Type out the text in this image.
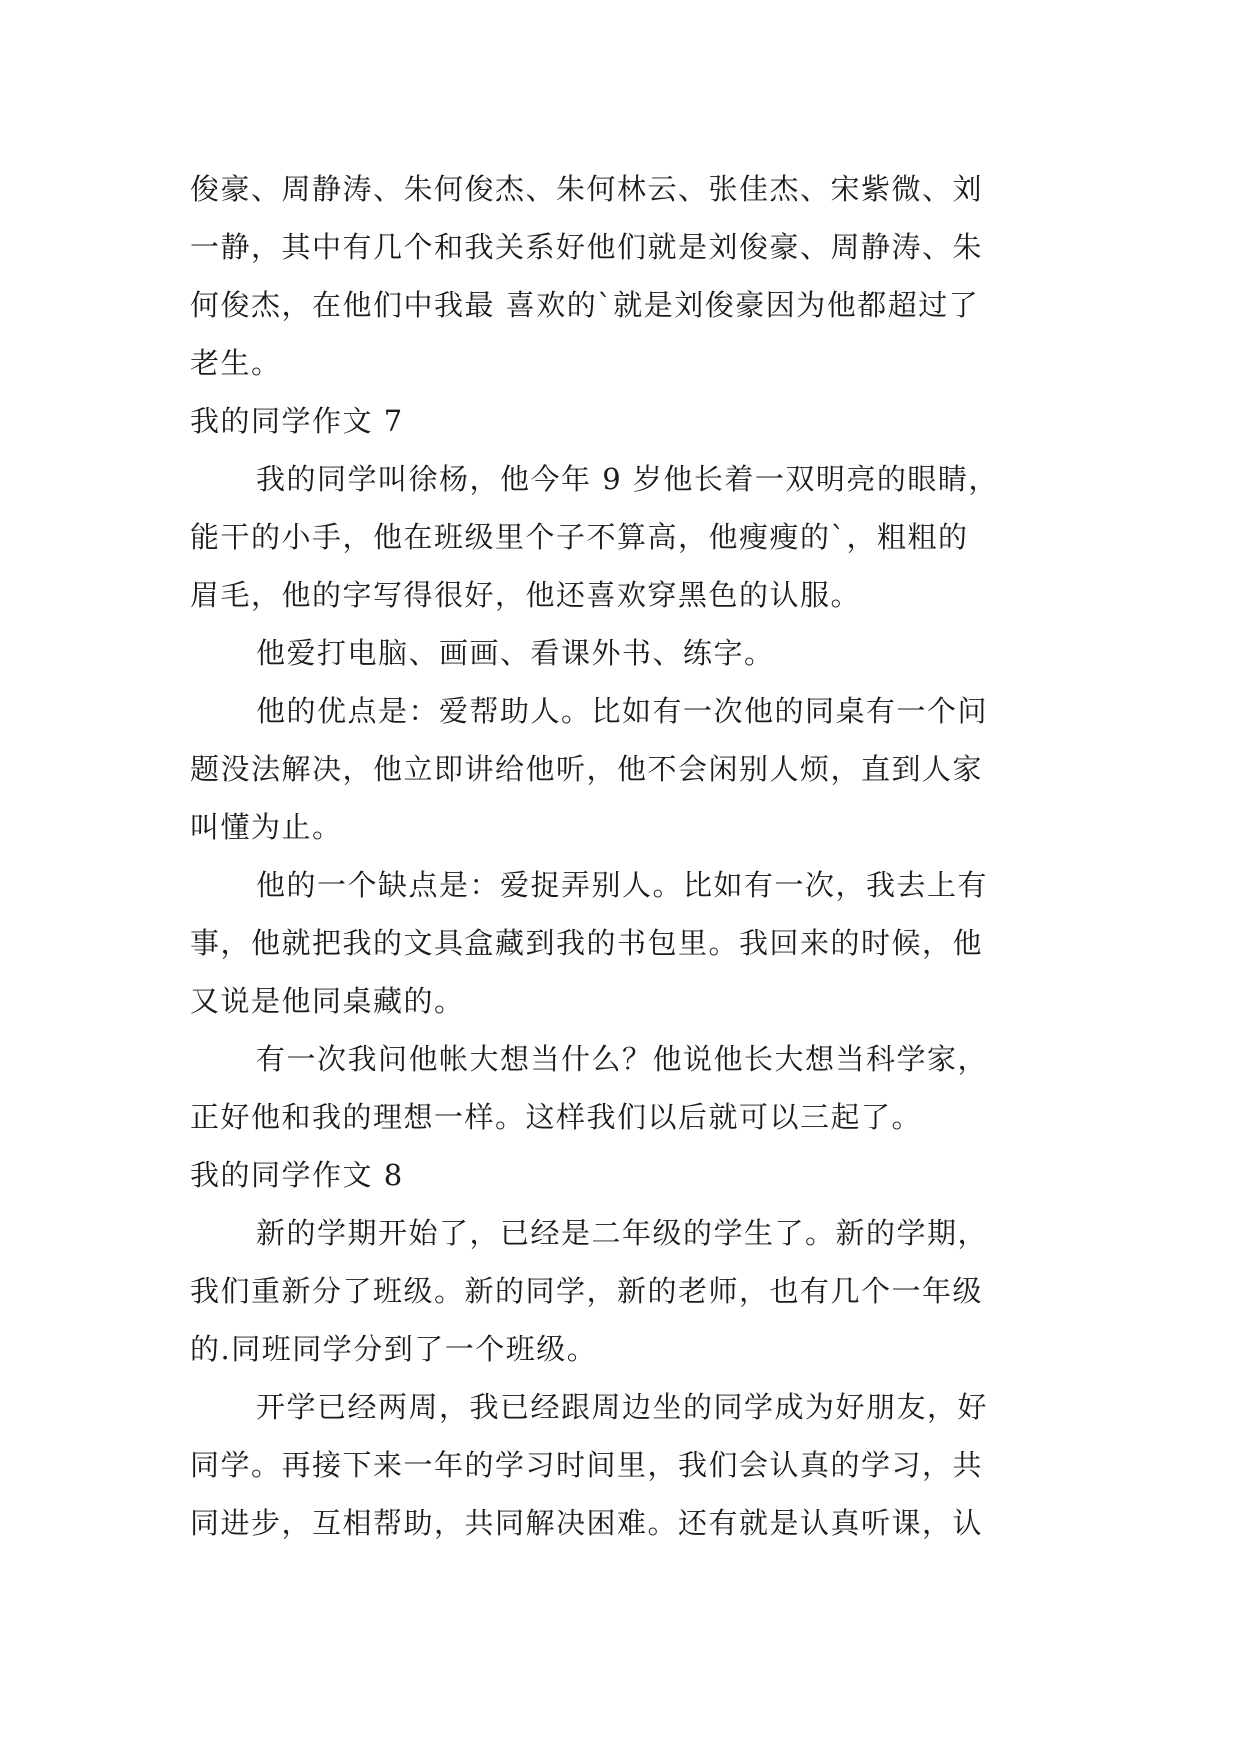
俊豪、周静涛、朱何俊杰、朱何林云、张佳杰、宋紫微、刘
一静，其中有几个和我关系好他们就是刘俊豪、周静涛、朱
何俊杰，在他们中我最 喜欢的`就是刘俊豪因为他都超过了
老生。
我的同学作文 7
我的同学叫徐杨，他今年 9 岁他长着一双明亮的眼睛，
能干的小手，他在班级里个子不算高，他瘦瘦的`，粗粗的
眉毛，他的字写得很好，他还喜欢穿黑色的认服。
他爱打电脑、画画、看课外书、练字。
他的优点是：爱帮助人。比如有一次他的同桌有一个问
题没法解决，他立即讲给他听，他不会闲别人烦，直到人家
叫懂为止。
他的一个缺点是：爱捉弄别人。比如有一次，我去上有
事，他就把我的文具盒藏到我的书包里。我回来的时候，他
又说是他同桌藏的。
有一次我问他帐大想当什么？他说他长大想当科学家，
正好他和我的理想一样。这样我们以后就可以三起了。
我的同学作文 8
新的学期开始了，已经是二年级的学生了。新的学期，
我们重新分了班级。新的同学，新的老师，也有几个一年级
的.同班同学分到了一个班级。
开学已经两周，我已经跟周边坐的同学成为好朋友，好
同学。再接下来一年的学习时间里，我们会认真的学习，共
同进步，互相帮助，共同解决困难。还有就是认真听课，认
